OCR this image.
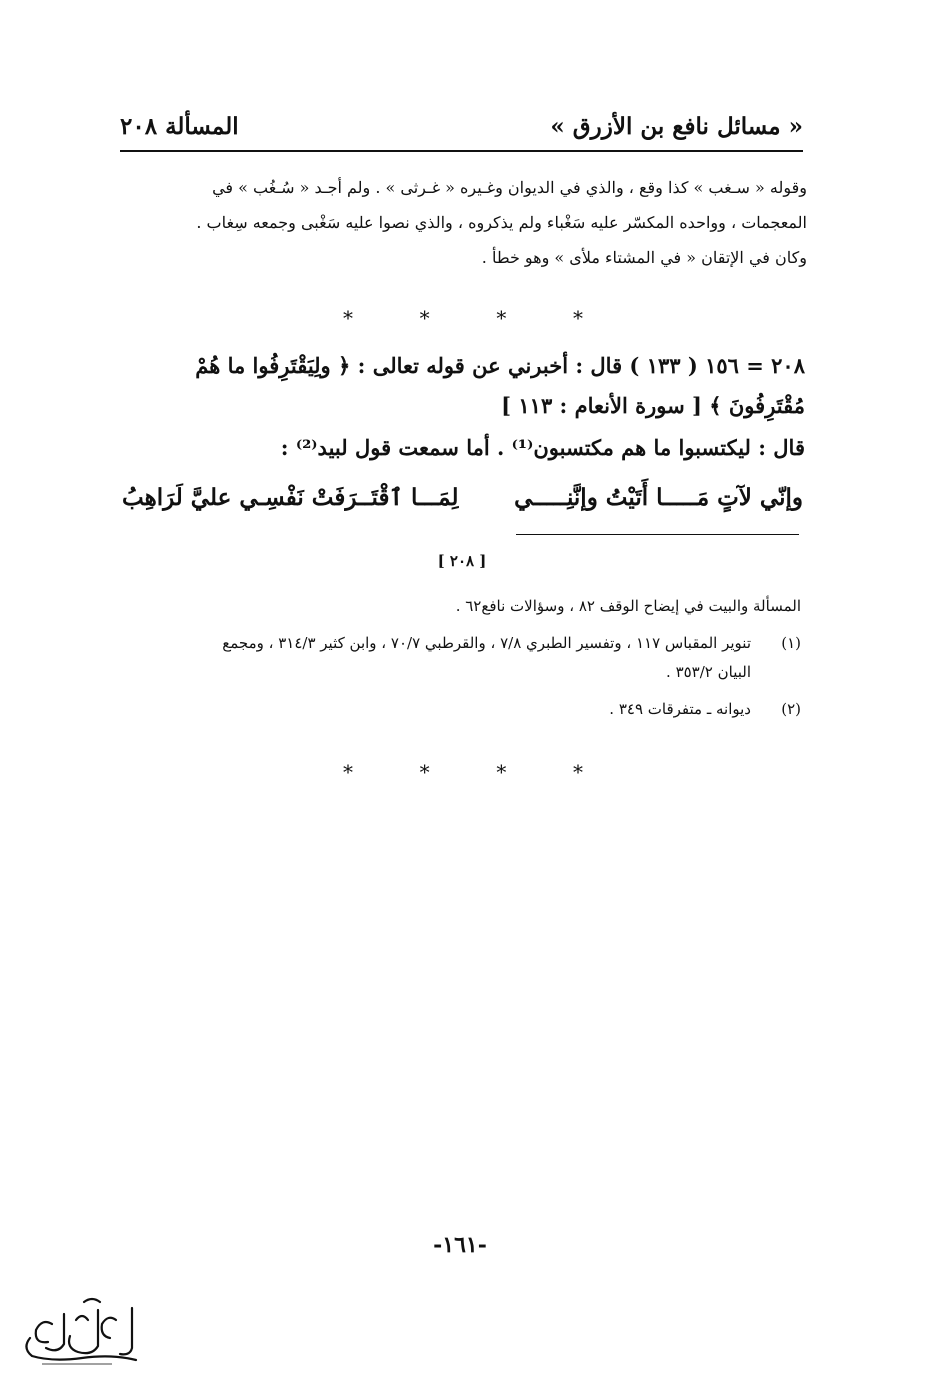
« مسائل نافع بن الأزرق »
المسألة ٢٠٨

وقوله « سـغب » كذا وقع ، والذي في الديوان وغـيره « غـرثى » . ولم أجـد « سُـغُب » في

المعجمات ، وواحده المكسّر عليه سَغْباء ولم يذكروه ، والذي نصوا عليه سَغْبى وجمعه سِغاب .

وكان في الإتقان « في المشتاء ملأى » وهو خطأ .

*	*	*	*

٢٠٨ = ١٥٦ ( ١٣٣ ) قال : أخبرني عن قوله تعالى : ﴿ ولِيَقْتَرِفُوا ما هُمْ

مُقْتَرِفُونَ ﴾ [ سورة الأنعام : ١١٣ ]

قال : ليكتسبوا ما هم مكتسبون⁽¹⁾ . أما سمعت قول لبيد⁽²⁾ :

وإنّي لآتٍ مَـــــا أَتَيْتُ وإنَّنِـــــي
لِمَـــا ٱقْتَــرَفَتْ نَفْسِـي عليَّ لَرَاهِبُ
[ ٢٠٨ ]
المسألة والبيت في إيضاح الوقف ٨٢ ، وسؤالات نافع٦٢ .
(١)
تنوير المقباس ١١٧ ، وتفسير الطبري ٧/٨ ، والقرطبي ٧٠/٧ ، وابن كثير ٣١٤/٣ ، ومجمع
البيان ٣٥٣/٢ .
(٢)
ديوانه ـ متفرقات ٣٤٩ .
*	*	*	*
-١٦١-
